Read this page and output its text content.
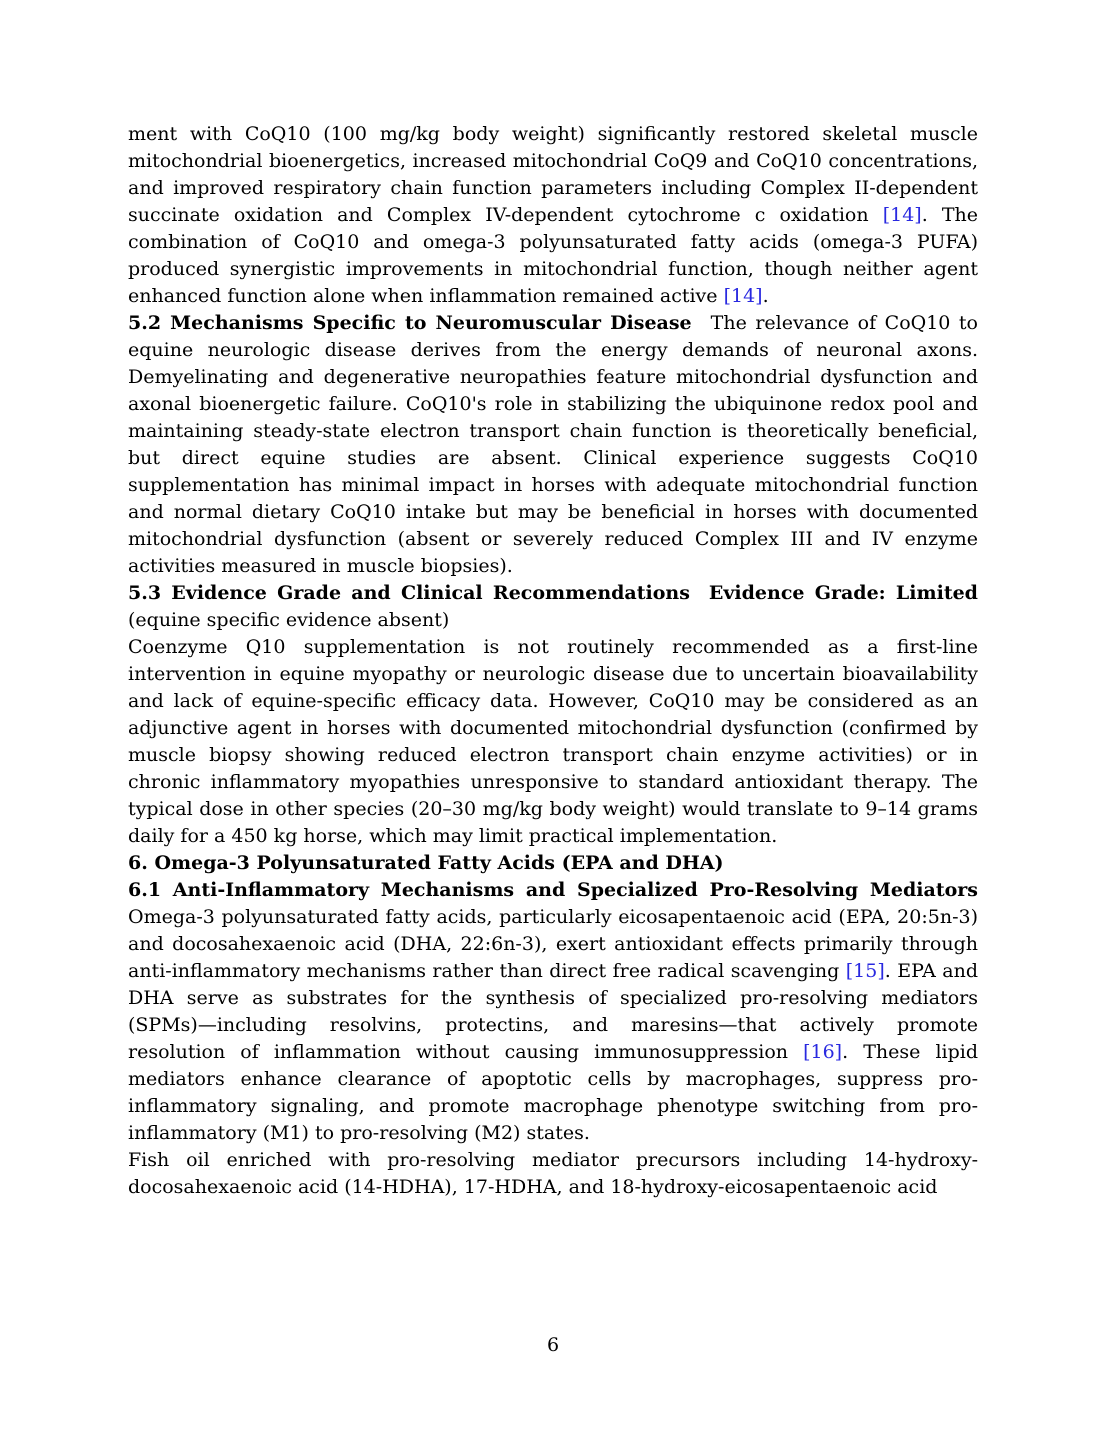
ment with CoQ10 (100 mg/kg body weight) significantly restored skeletal muscle mitochondrial bioenergetics, increased mitochondrial CoQ9 and CoQ10 concentrations, and improved respiratory chain function parameters including Complex II-dependent succinate oxidation and Complex IV-dependent cytochrome c oxidation [14]. The combination of CoQ10 and omega-3 polyunsaturated fatty acids (omega-3 PUFA) produced synergistic improvements in mitochondrial function, though neither agent enhanced function alone when inflammation remained active [14].

5.2 Mechanisms Specific to Neuromuscular Disease The relevance of CoQ10 to equine neurologic disease derives from the energy demands of neuronal axons. Demyelinating and degenerative neuropathies feature mitochondrial dysfunction and axonal bioenergetic failure. CoQ10's role in stabilizing the ubiquinone redox pool and maintaining steady-state electron transport chain function is theoretically beneficial, but direct equine studies are absent. Clinical experience suggests CoQ10 supplementation has minimal impact in horses with adequate mitochondrial function and normal dietary CoQ10 intake but may be beneficial in horses with documented mitochondrial dysfunction (absent or severely reduced Complex III and IV enzyme activities measured in muscle biopsies).

5.3 Evidence Grade and Clinical Recommendations  Evidence Grade: Limited (equine specific evidence absent)

Coenzyme Q10 supplementation is not routinely recommended as a first-line intervention in equine myopathy or neurologic disease due to uncertain bioavailability and lack of equine-specific efficacy data. However, CoQ10 may be considered as an adjunctive agent in horses with documented mitochondrial dysfunction (confirmed by muscle biopsy showing reduced electron transport chain enzyme activities) or in chronic inflammatory myopathies unresponsive to standard antioxidant therapy. The typical dose in other species (20–30 mg/kg body weight) would translate to 9–14 grams daily for a 450 kg horse, which may limit practical implementation.

6. Omega-3 Polyunsaturated Fatty Acids (EPA and DHA)

6.1 Anti-Inflammatory Mechanisms and Specialized Pro-Resolving Mediators
Omega-3 polyunsaturated fatty acids, particularly eicosapentaenoic acid (EPA, 20:5n-3) and docosahexaenoic acid (DHA, 22:6n-3), exert antioxidant effects primarily through anti-inflammatory mechanisms rather than direct free radical scavenging [15]. EPA and DHA serve as substrates for the synthesis of specialized pro-resolving mediators (SPMs)—including resolvins, protectins, and maresins—that actively promote resolution of inflammation without causing immunosuppression [16]. These lipid mediators enhance clearance of apoptotic cells by macrophages, suppress pro-inflammatory signaling, and promote macrophage phenotype switching from pro-inflammatory (M1) to pro-resolving (M2) states.

Fish oil enriched with pro-resolving mediator precursors including 14-hydroxy-docosahexaenoic acid (14-HDHA), 17-HDHA, and 18-hydroxy-eicosapentaenoic acid

6
